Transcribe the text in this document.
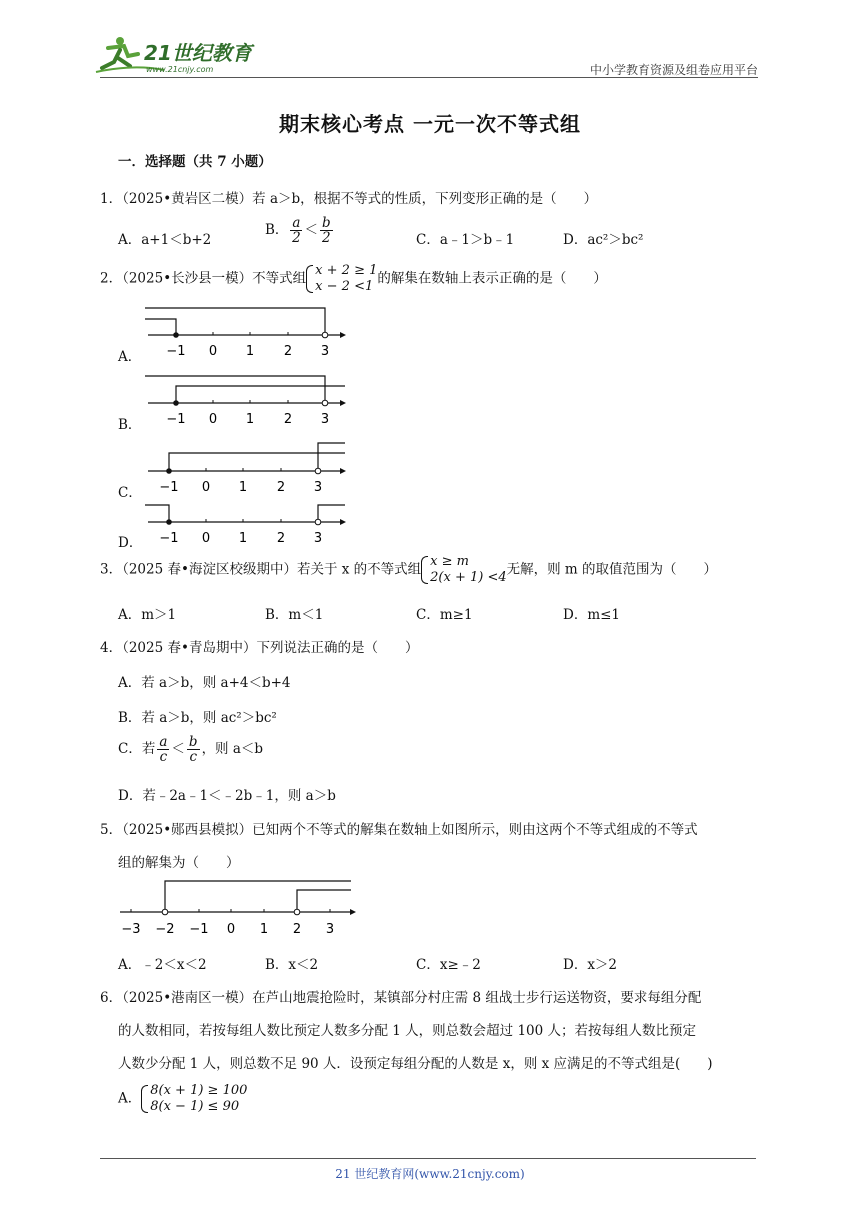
21世纪教育
www.21cnjy.com	中小学教育资源及组卷应用平台
期末核心考点 一元一次不等式组
一．选择题（共 7 小题）
1．（2025•黄岩区二模）若 a＞b，根据不等式的性质，下列变形正确的是（　　）
A．a+1＜b+2
B． $\frac{a}{2} < \frac{b}{2}$	C．a﹣1＞b﹣1	D．ac²＞bc²
2．（2025•长沙县一模）不等式组 x + 2 ≥ 1
x − 2 <1 的解集在数轴上表示正确的是（　　）
A． −1 0 1 2 3
B． −1 0 1 2 3
C． −1 0 1 2 3
D． −1 0 1 2 3
3．（2025 春•海淀区校级期中）若关于 x 的不等式组 x ≥ m
2(x + 1) <4 无解，则 m 的取值范围为（　　）
A．m＞1	B．m＜1	C．m≥1	D．m≤1
4．（2025 春•青岛期中）下列说法正确的是（　　）
A．若 a＞b，则 a+4＜b+4
B．若 a＞b，则 ac²＞bc²
C．若 $\frac{a}{c} < \frac{b}{c}$ ，则 a＜b
D．若﹣2a﹣1＜﹣2b﹣1，则 a＞b
5．（2025•郧西县模拟）已知两个不等式的解集在数轴上如图所示，则由这两个不等式组成的不等式
组的解集为（　　）
−3 −2 −1 0 1 2 3
A．﹣2＜x＜2	B．x＜2	C．x≥﹣2	D．x＞2
6．（2025•港南区一模）在芦山地震抢险时，某镇部分村庄需 8 组战士步行运送物资，要求每组分配
的人数相同，若按每组人数比预定人数多分配 1 人，则总数会超过 100 人；若按每组人数比预定
人数少分配 1 人，则总数不足 90 人．设预定每组分配的人数是 x，则 x 应满足的不等式组是(　　)
A． 8(x + 1) ≥ 100
8(x − 1) ≤ 90
21 世纪教育网(www.21cnjy.com)
